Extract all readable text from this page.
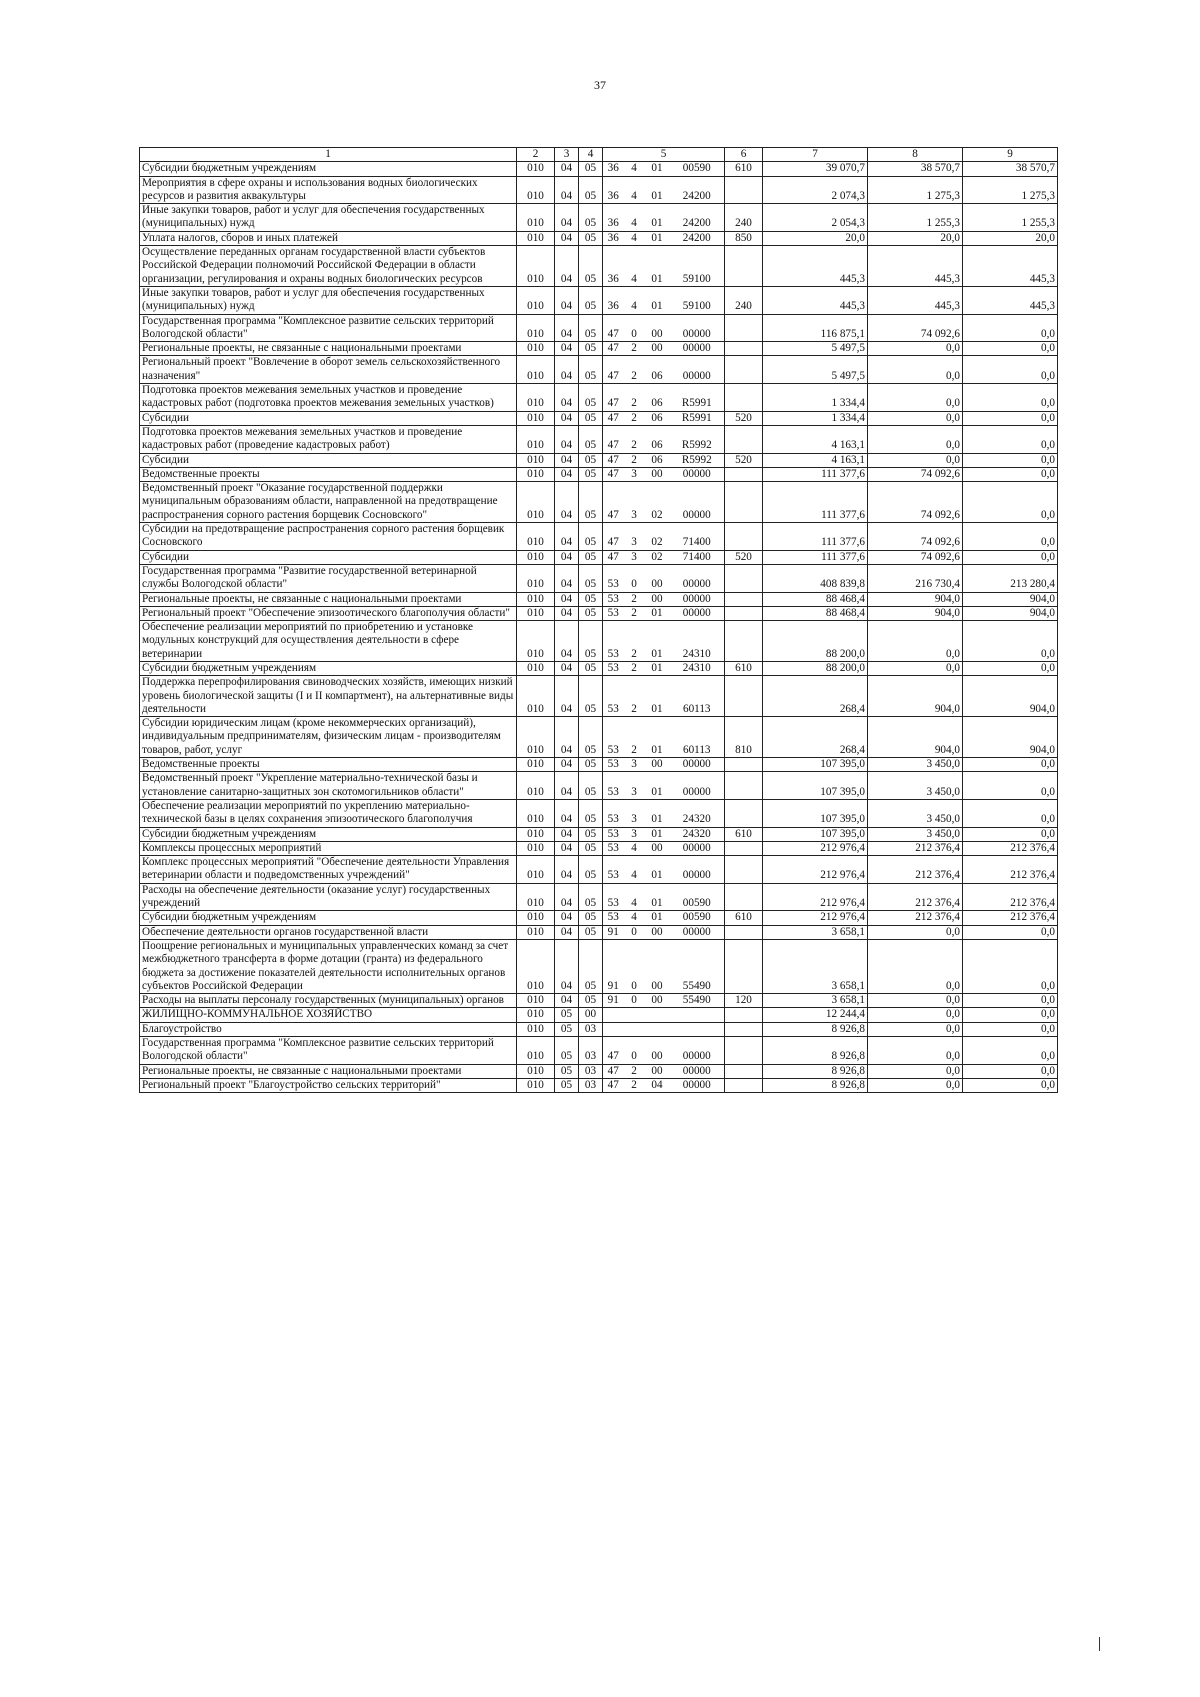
37
1	2	3	4	5				6	7	8	9
Субсидии бюджетным учреждениям	010	04	05	36	4	01	00590	610	39 070,7	38 570,7	38 570,7
Мероприятия в сфере охраны и использования водных биологических ресурсов и развития аквакультуры	010	04	05	36	4	01	24200		2 074,3	1 275,3	1 275,3
Иные закупки товаров, работ и услуг для обеспечения государственных (муниципальных) нужд	010	04	05	36	4	01	24200	240	2 054,3	1 255,3	1 255,3
Уплата налогов, сборов и иных платежей	010	04	05	36	4	01	24200	850	20,0	20,0	20,0
Осуществление переданных органам государственной власти субъектов Российской Федерации полномочий Российской Федерации в области организации, регулирования и охраны водных биологических ресурсов	010	04	05	36	4	01	59100		445,3	445,3	445,3
Иные закупки товаров, работ и услуг для обеспечения государственных (муниципальных) нужд	010	04	05	36	4	01	59100	240	445,3	445,3	445,3
Государственная программа "Комплексное развитие сельских территорий Вологодской области"	010	04	05	47	0	00	00000		116 875,1	74 092,6	0,0
Региональные проекты, не связанные с национальными проектами	010	04	05	47	2	00	00000		5 497,5	0,0	0,0
Региональный проект "Вовлечение в оборот земель сельскохозяйственного назначения"	010	04	05	47	2	06	00000		5 497,5	0,0	0,0
Подготовка проектов межевания земельных участков и проведение кадастровых работ (подготовка проектов межевания земельных участков)	010	04	05	47	2	06	R5991		1 334,4	0,0	0,0
Субсидии	010	04	05	47	2	06	R5991	520	1 334,4	0,0	0,0
Подготовка проектов межевания земельных участков и проведение кадастровых работ (проведение кадастровых работ)	010	04	05	47	2	06	R5992		4 163,1	0,0	0,0
Субсидии	010	04	05	47	2	06	R5992	520	4 163,1	0,0	0,0
Ведомственные проекты	010	04	05	47	3	00	00000		111 377,6	74 092,6	0,0
Ведомственный проект "Оказание государственной поддержки муниципальным образованиям области, направленной на предотвращение распространения сорного растения борщевик Сосновского"	010	04	05	47	3	02	00000		111 377,6	74 092,6	0,0
Субсидии на предотвращение распространения сорного растения борщевик Сосновского	010	04	05	47	3	02	71400		111 377,6	74 092,6	0,0
Субсидии	010	04	05	47	3	02	71400	520	111 377,6	74 092,6	0,0
Государственная программа "Развитие государственной ветеринарной службы Вологодской области"	010	04	05	53	0	00	00000		408 839,8	216 730,4	213 280,4
Региональные проекты, не связанные с национальными проектами	010	04	05	53	2	00	00000		88 468,4	904,0	904,0
Региональный проект "Обеспечение эпизоотического благополучия области"	010	04	05	53	2	01	00000		88 468,4	904,0	904,0
Обеспечение реализации мероприятий по приобретению и установке модульных конструкций для осуществления деятельности в сфере ветеринарии	010	04	05	53	2	01	24310		88 200,0	0,0	0,0
Субсидии бюджетным учреждениям	010	04	05	53	2	01	24310	610	88 200,0	0,0	0,0
Поддержка перепрофилирования свиноводческих хозяйств, имеющих низкий уровень биологической защиты (I и II компартмент), на альтернативные виды деятельности	010	04	05	53	2	01	60113		268,4	904,0	904,0
Субсидии юридическим лицам (кроме некоммерческих организаций), индивидуальным предпринимателям, физическим лицам - производителям товаров, работ, услуг	010	04	05	53	2	01	60113	810	268,4	904,0	904,0
Ведомственные проекты	010	04	05	53	3	00	00000		107 395,0	3 450,0	0,0
Ведомственный проект "Укрепление материально-технической базы и установление санитарно-защитных зон скотомогильников области"	010	04	05	53	3	01	00000		107 395,0	3 450,0	0,0
Обеспечение реализации мероприятий по укреплению материально-технической базы в целях сохранения эпизоотического благополучия	010	04	05	53	3	01	24320		107 395,0	3 450,0	0,0
Субсидии бюджетным учреждениям	010	04	05	53	3	01	24320	610	107 395,0	3 450,0	0,0
Комплексы процессных мероприятий	010	04	05	53	4	00	00000		212 976,4	212 376,4	212 376,4
Комплекс процессных мероприятий "Обеспечение деятельности Управления ветеринарии области и подведомственных учреждений"	010	04	05	53	4	01	00000		212 976,4	212 376,4	212 376,4
Расходы на обеспечение деятельности (оказание услуг) государственных учреждений	010	04	05	53	4	01	00590		212 976,4	212 376,4	212 376,4
Субсидии бюджетным учреждениям	010	04	05	53	4	01	00590	610	212 976,4	212 376,4	212 376,4
Обеспечение деятельности органов государственной власти	010	04	05	91	0	00	00000		3 658,1	0,0	0,0
Поощрение региональных и муниципальных управленческих команд за счет межбюджетного трансферта в форме дотации (гранта) из федерального бюджета за достижение показателей деятельности исполнительных органов субъектов Российской Федерации	010	04	05	91	0	00	55490		3 658,1	0,0	0,0
Расходы на выплаты персоналу государственных (муниципальных) органов	010	04	05	91	0	00	55490	120	3 658,1	0,0	0,0
ЖИЛИЩНО-КОММУНАЛЬНОЕ ХОЗЯЙСТВО	010	05	00						12 244,4	0,0	0,0
Благоустройство	010	05	03						8 926,8	0,0	0,0
Государственная программа "Комплексное развитие сельских территорий Вологодской области"	010	05	03	47	0	00	00000		8 926,8	0,0	0,0
Региональные проекты, не связанные с национальными проектами	010	05	03	47	2	00	00000		8 926,8	0,0	0,0
Региональный проект "Благоустройство сельских территорий"	010	05	03	47	2	04	00000		8 926,8	0,0	0,0
